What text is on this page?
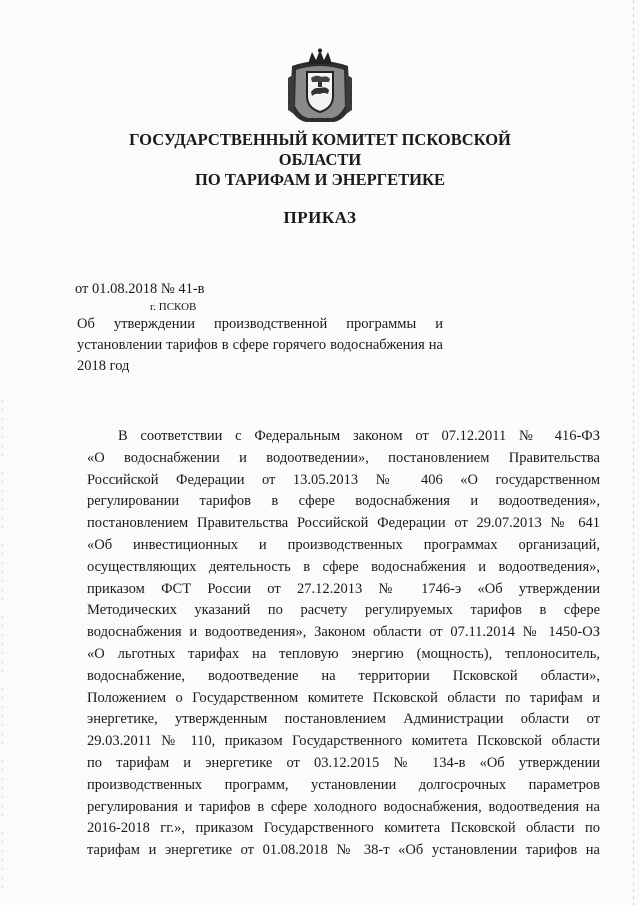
ГОСУДАРСТВЕННЫЙ КОМИТЕТ ПСКОВСКОЙ ОБЛАСТИ
ПО ТАРИФАМ И ЭНЕРГЕТИКЕ
ПРИКАЗ
от 01.08.2018 № 41-в
г. ПСКОВ
Об утверждении производственной программы и установлении тарифов в сфере горячего водоснабжения на 2018 год
В соответствии с Федеральным законом от 07.12.2011 № 416-ФЗ
«О водоснабжении и водоотведении», постановлением Правительства
Российской Федерации от 13.05.2013 № 406 «О государственном
регулировании тарифов в сфере водоснабжения и водоотведения»,
постановлением Правительства Российской Федерации от 29.07.2013 № 641
«Об инвестиционных и производственных программах организаций,
осуществляющих деятельность в сфере водоснабжения и водоотведения»,
приказом ФСТ России от 27.12.2013 № 1746-э «Об утверждении
Методических указаний по расчету регулируемых тарифов в сфере
водоснабжения и водоотведения», Законом области от 07.11.2014 № 1450-ОЗ
«О льготных тарифах на тепловую энергию (мощность), теплоноситель,
водоснабжение, водоотведение на территории Псковской области»,
Положением о Государственном комитете Псковской области по тарифам и
энергетике, утвержденным постановлением Администрации области от
29.03.2011 № 110, приказом Государственного комитета Псковской области
по тарифам и энергетике от 03.12.2015 № 134-в «Об утверждении
производственных программ, установлении долгосрочных параметров
регулирования и тарифов в сфере холодного водоснабжения, водоотведения на
2016-2018 гг.», приказом Государственного комитета Псковской области по
тарифам и энергетике от 01.08.2018 № 38-т «Об установлении тарифов на
